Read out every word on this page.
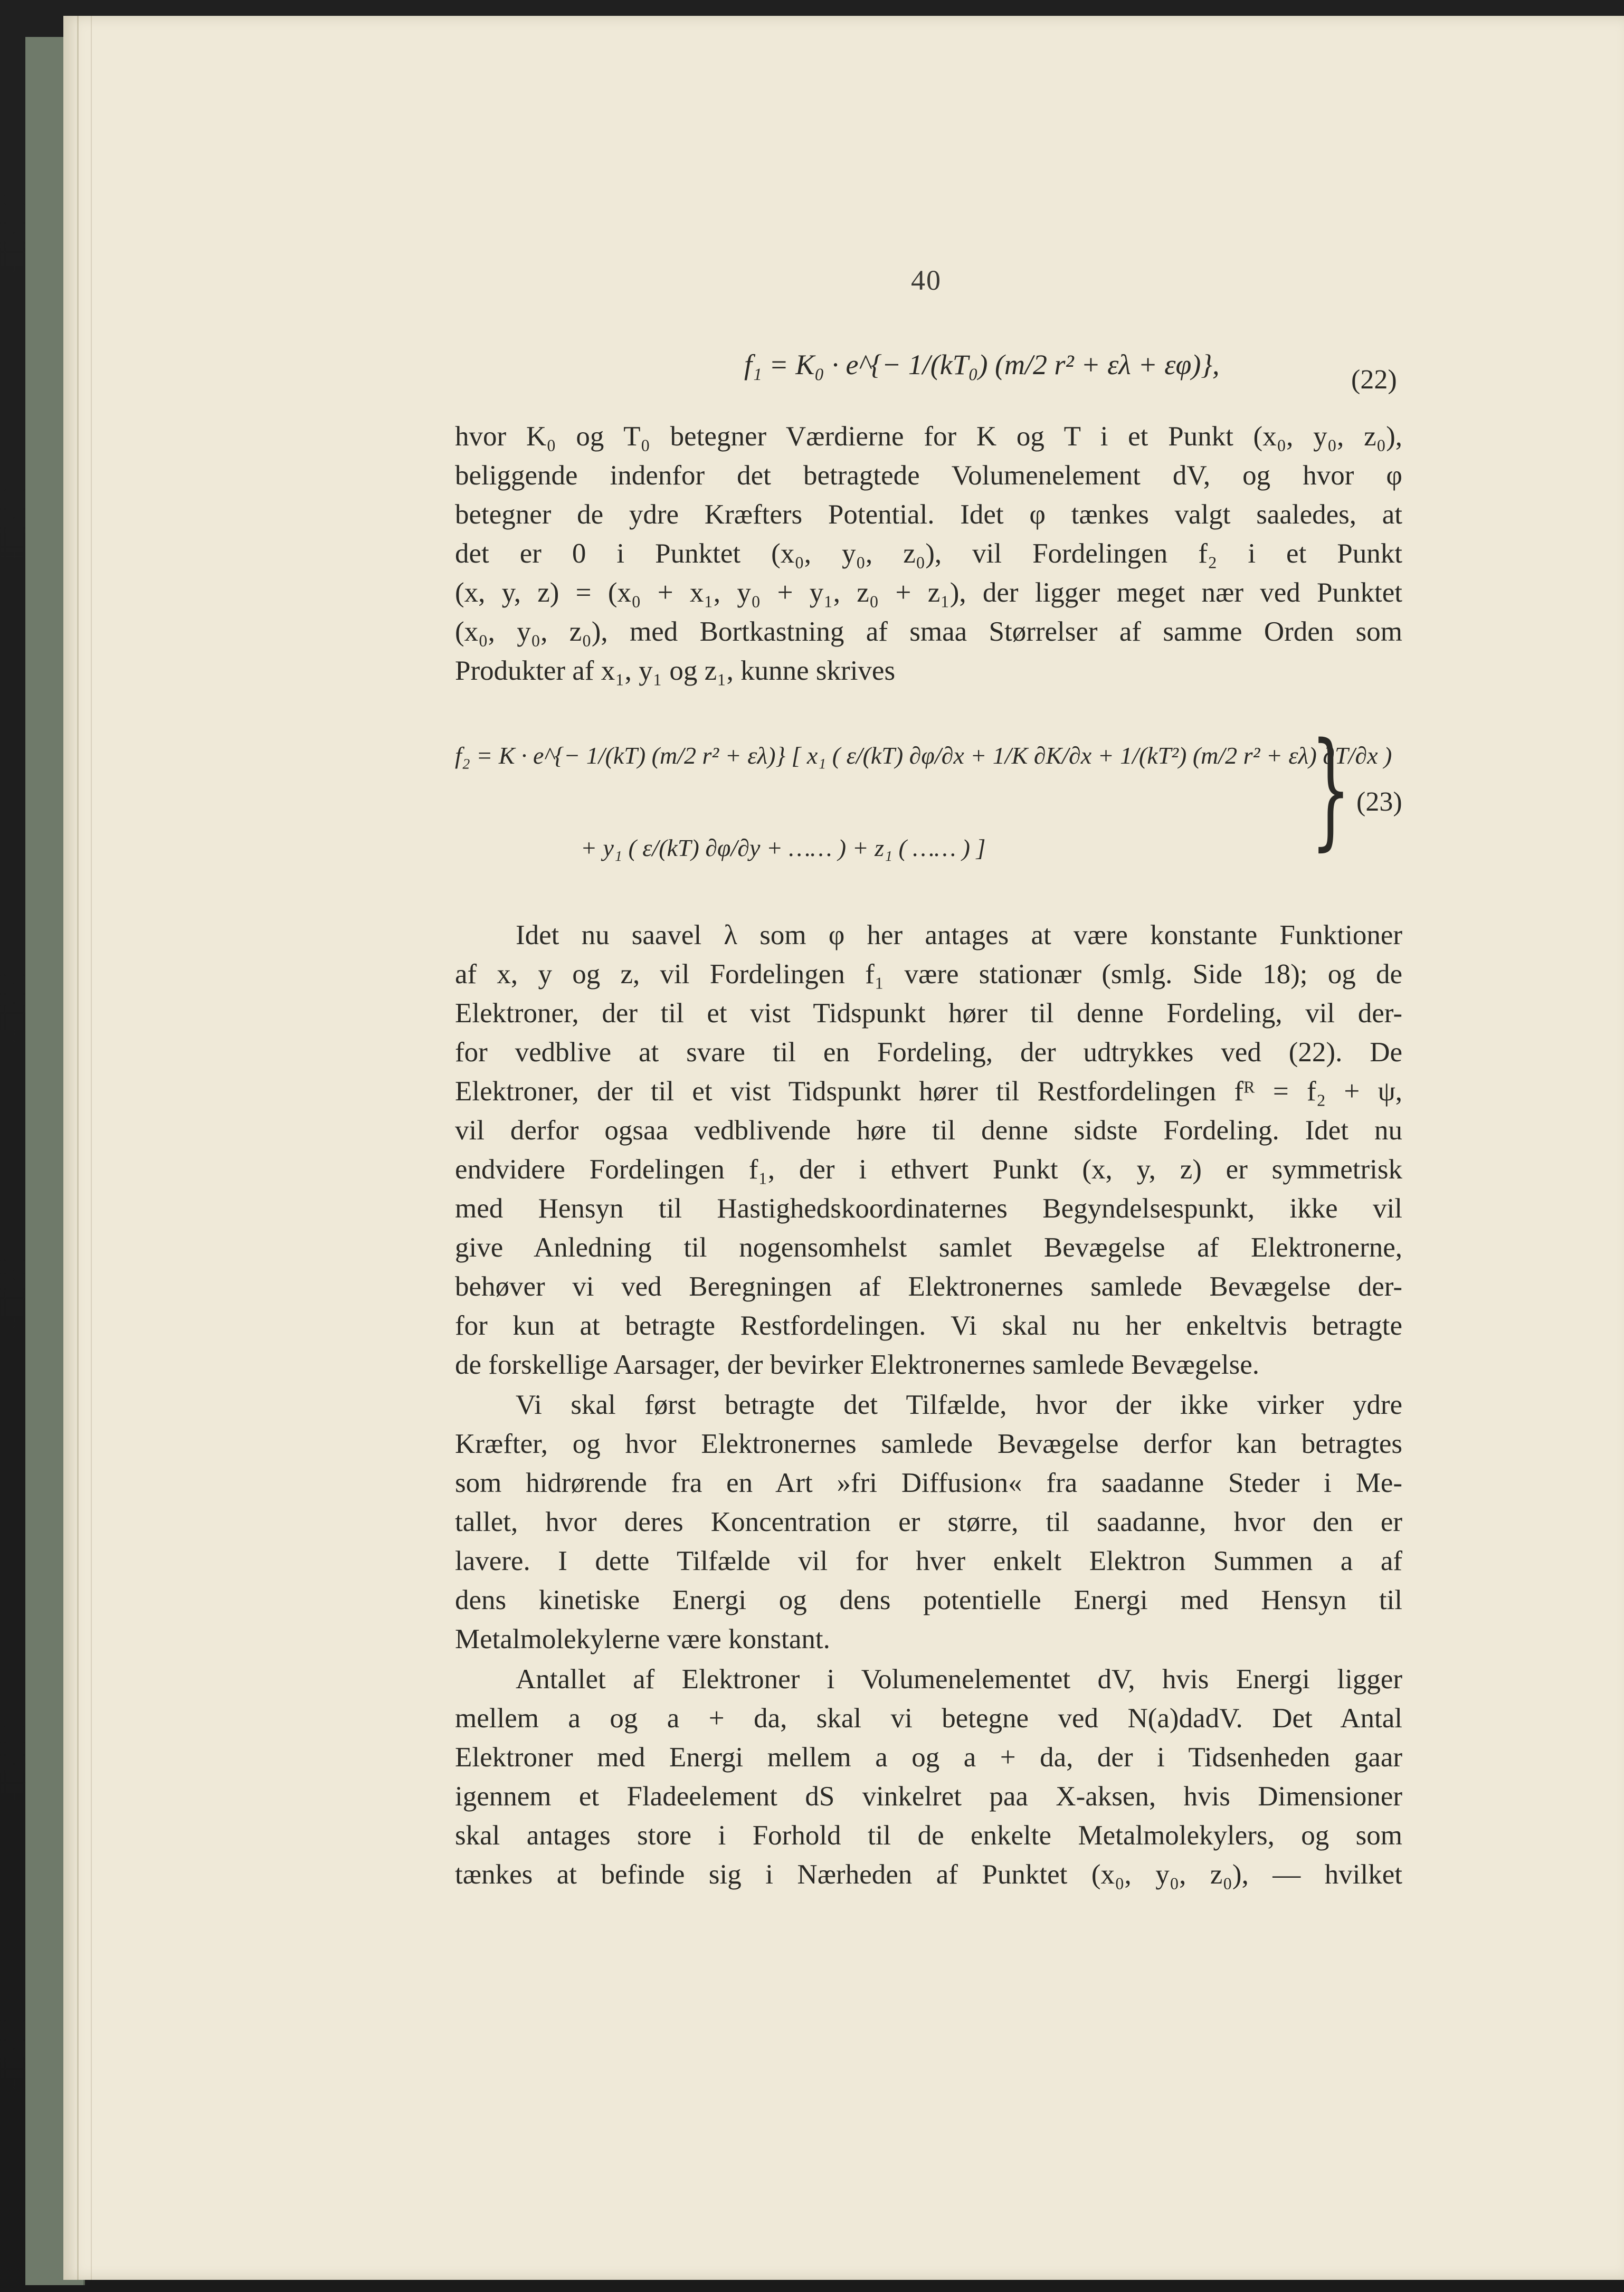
40
f₁ = K₀ · e^{− 1/(kT₀) (m/2 r² + ελ + εφ)},	(22)
hvor K₀ og T₀ betegner Værdierne for K og T i et Punkt (x₀, y₀, z₀),
beliggende indenfor det betragtede Volumenelement dV, og hvor φ
betegner de ydre Kræfters Potential. Idet φ tænkes valgt saaledes, at
det er 0 i Punktet (x₀, y₀, z₀), vil Fordelingen f₂ i et Punkt
(x, y, z) = (x₀ + x₁, y₀ + y₁, z₀ + z₁), der ligger meget nær ved Punktet
(x₀, y₀, z₀), med Bortkastning af smaa Størrelser af samme Orden som
Produkter af x₁, y₁ og z₁, kunne skrives
f₂ = K · e^{− 1/(kT) (m/2 r² + ελ)} [ x₁ ( ε/(kT) ∂φ/∂x + 1/K ∂K/∂x + 1/(kT²) (m/2 r² + ελ) ∂T/∂x )
+ y₁ ( ε/(kT) ∂φ/∂y + …… ) + z₁ ( …… ) ]	} (23)
Idet nu saavel λ som φ her antages at være konstante Funktioner
af x, y og z, vil Fordelingen f₁ være stationær (smlg. Side 18); og de
Elektroner, der til et vist Tidspunkt hører til denne Fordeling, vil der-
for vedblive at svare til en Fordeling, der udtrykkes ved (22). De
Elektroner, der til et vist Tidspunkt hører til Restfordelingen fᴿ = f₂ + ψ,
vil derfor ogsaa vedblivende høre til denne sidste Fordeling. Idet nu
endvidere Fordelingen f₁, der i ethvert Punkt (x, y, z) er symmetrisk
med Hensyn til Hastighedskoordinaternes Begyndelsespunkt, ikke vil
give Anledning til nogensomhelst samlet Bevægelse af Elektronerne,
behøver vi ved Beregningen af Elektronernes samlede Bevægelse der-
for kun at betragte Restfordelingen. Vi skal nu her enkeltvis betragte
de forskellige Aarsager, der bevirker Elektronernes samlede Bevægelse.
Vi skal først betragte det Tilfælde, hvor der ikke virker ydre
Kræfter, og hvor Elektronernes samlede Bevægelse derfor kan betragtes
som hidrørende fra en Art »fri Diffusion« fra saadanne Steder i Me-
tallet, hvor deres Koncentration er større, til saadanne, hvor den er
lavere. I dette Tilfælde vil for hver enkelt Elektron Summen a af
dens kinetiske Energi og dens potentielle Energi med Hensyn til
Metalmolekylerne være konstant.
Antallet af Elektroner i Volumenelementet dV, hvis Energi ligger
mellem a og a + da, skal vi betegne ved N(a)dadV. Det Antal
Elektroner med Energi mellem a og a + da, der i Tidsenheden gaar
igennem et Fladeelement dS vinkelret paa X-aksen, hvis Dimensioner
skal antages store i Forhold til de enkelte Metalmolekylers, og som
tænkes at befinde sig i Nærheden af Punktet (x₀, y₀, z₀), — hvilket
